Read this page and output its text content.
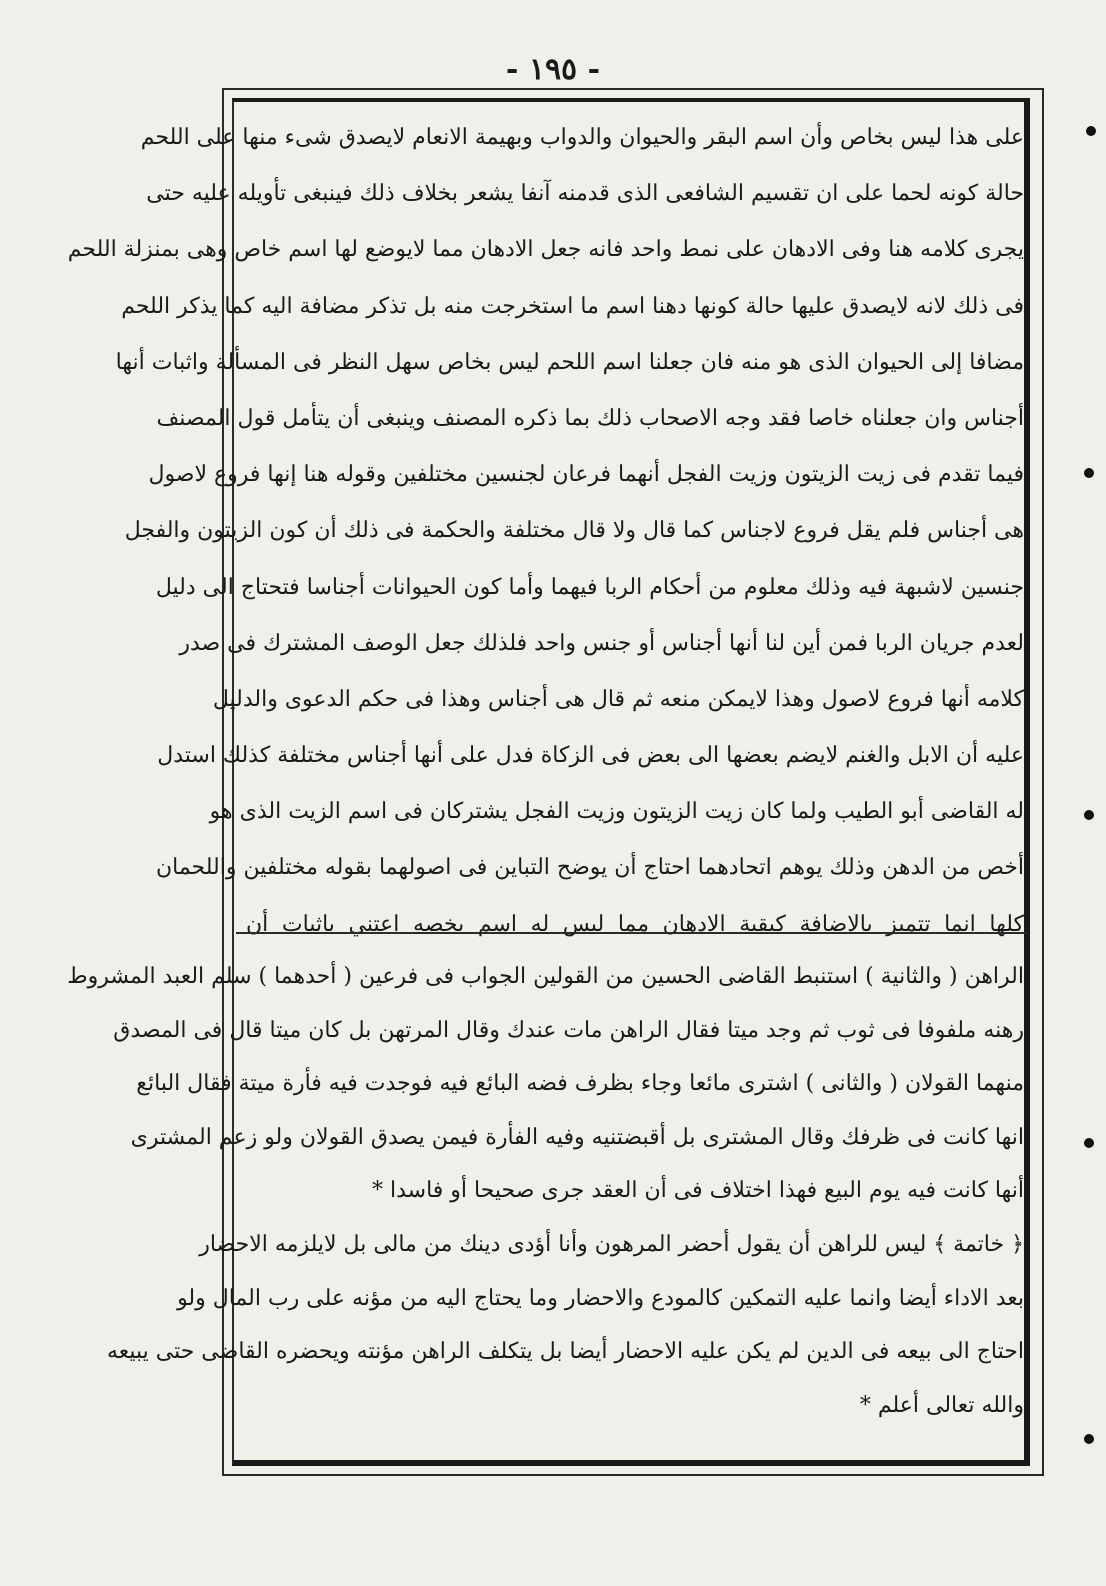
- ١٩٥ -
على هذا ليس بخاص وأن اسم البقر والحيوان والدواب وبهيمة الانعام لايصدق شىء منها على اللحم
حالة كونه لحما على ان تقسيم الشافعى الذى قدمنه آنفا يشعر بخلاف ذلك فينبغى تأويله عليه حتى
يجرى كلامه هنا وفى الادهان على نمط واحد فانه جعل الادهان مما لايوضع لها اسم خاص وهى بمنزلة اللحم
فى ذلك لانه لايصدق عليها حالة كونها دهنا اسم ما استخرجت منه بل تذكر مضافة اليه كما يذكر اللحم
مضافا إلى الحيوان الذى هو منه فان جعلنا اسم اللحم ليس بخاص سهل النظر فى المسألة واثبات أنها
أجناس وان جعلناه خاصا فقد وجه الاصحاب ذلك بما ذكره المصنف وينبغى أن يتأمل قول المصنف
فيما تقدم فى زيت الزيتون وزيت الفجل أنهما فرعان لجنسين مختلفين وقوله هنا إنها فروع لاصول
هى أجناس فلم يقل فروع لاجناس كما قال ولا قال مختلفة والحكمة فى ذلك أن كون الزيتون والفجل
جنسين لاشبهة فيه وذلك معلوم من أحكام الربا فيهما وأما كون الحيوانات أجناسا فتحتاج الى دليل
لعدم جريان الربا فمن أين لنا أنها أجناس أو جنس واحد فلذلك جعل الوصف المشترك فى صدر
كلامه أنها فروع لاصول وهذا لايمكن منعه ثم قال هى أجناس وهذا فى حكم الدعوى والدليل
عليه أن الابل والغنم لايضم بعضها الى بعض فى الزكاة فدل على أنها أجناس مختلفة كذلك استدل
له القاضى أبو الطيب ولما كان زيت الزيتون وزيت الفجل يشتركان فى اسم الزيت الذى هو
أخص من الدهن وذلك يوهم اتحادهما احتاج أن يوضح التباين فى اصولهما بقوله مختلفين واللحمان
كلها انما تتميز بالاضافة كبقية الادهان مما ليس له اسم يخصه اعتني باثبات أن
الراهن ( والثانية ) استنبط القاضى الحسين من القولين الجواب فى فرعين ( أحدهما ) سلم العبد المشروط
رهنه ملفوفا فى ثوب ثم وجد ميتا فقال الراهن مات عندك وقال المرتهن بل كان ميتا قال فى المصدق
منهما القولان ( والثانى ) اشترى مائعا وجاء بظرف فضه البائع فيه فوجدت فيه فأرة ميتة فقال البائع
انها كانت فى ظرفك وقال المشترى بل أقبضتنيه وفيه الفأرة فيمن يصدق القولان ولو زعم المشترى
أنها كانت فيه يوم البيع فهذا اختلاف فى أن العقد جرى صحيحا أو فاسدا *
﴿ خاتمة ﴾ ليس للراهن أن يقول أحضر المرهون وأنا أؤدى دينك من مالى بل لايلزمه الاحضار
بعد الاداء أيضا وانما عليه التمكين كالمودع والاحضار وما يحتاج اليه من مؤنه على رب المال ولو
احتاج الى بيعه فى الدين لم يكن عليه الاحضار أيضا بل يتكلف الراهن مؤنته ويحضره القاضى حتى يبيعه
والله تعالى أعلم *
